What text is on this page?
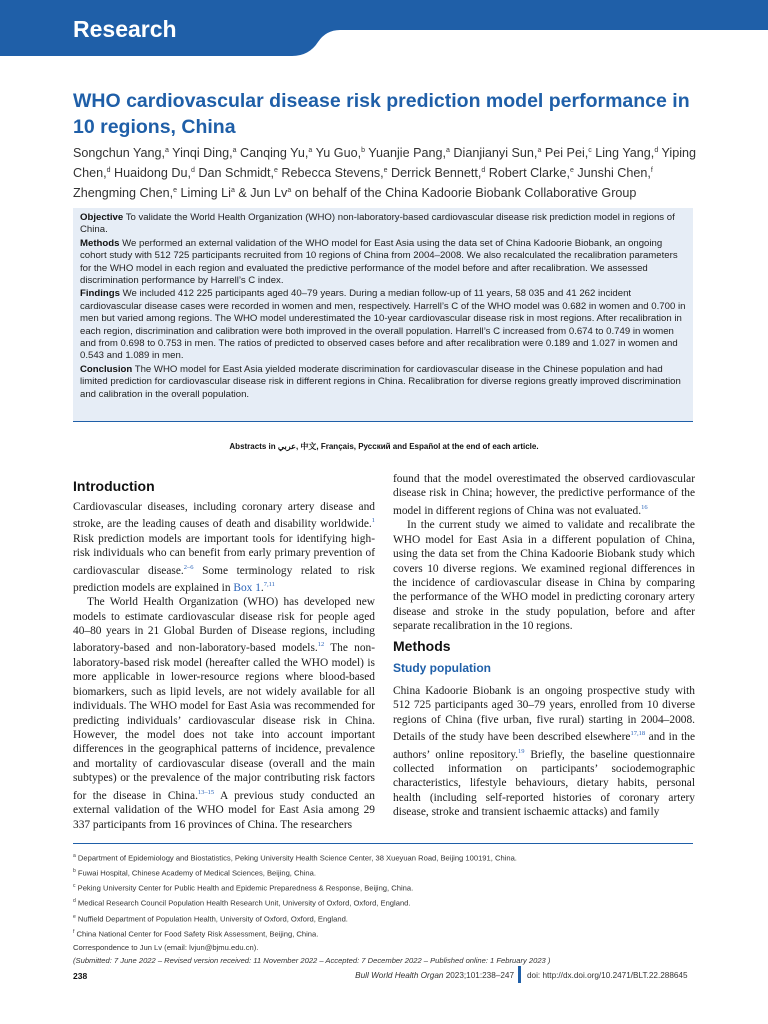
Research
WHO cardiovascular disease risk prediction model performance in 10 regions, China
Songchun Yang,$^a$ Yinqi Ding,$^a$ Canqing Yu,$^a$ Yu Guo,$^b$ Yuanjie Pang,$^a$ Dianjianyi Sun,$^a$ Pei Pei,$^c$ Ling Yang,$^d$ Yiping Chen,$^d$ Huaidong Du,$^d$ Dan Schmidt,$^e$ Rebecca Stevens,$^e$ Derrick Bennett,$^d$ Robert Clarke,$^e$ Junshi Chen,$^f$ Zhengming Chen,$^e$ Liming Li$^a$ & Jun Lv$^a$ on behalf of the China Kadoorie Biobank Collaborative Group

Objective To validate the World Health Organization (WHO) non-laboratory-based cardiovascular disease risk prediction model in regions of China.

Methods We performed an external validation of the WHO model for East Asia using the data set of China Kadoorie Biobank, an ongoing cohort study with 512 725 participants recruited from 10 regions of China from 2004–2008. We also recalculated the recalibration parameters for the WHO model in each region and evaluated the predictive performance of the model before and after recalibration. We assessed discrimination performance by Harrell’s C index.

Findings We included 412 225 participants aged 40–79 years. During a median follow-up of 11 years, 58 035 and 41 262 incident cardiovascular disease cases were recorded in women and men, respectively. Harrell’s C of the WHO model was 0.682 in women and 0.700 in men but varied among regions. The WHO model underestimated the 10-year cardiovascular disease risk in most regions. After recalibration in each region, discrimination and calibration were both improved in the overall population. Harrell’s C increased from 0.674 to 0.749 in women and from 0.698 to 0.753 in men. The ratios of predicted to observed cases before and after recalibration were 0.189 and 1.027 in women and 0.543 and 1.089 in men.

Conclusion The WHO model for East Asia yielded moderate discrimination for cardiovascular disease in the Chinese population and had limited prediction for cardiovascular disease risk in different regions in China. Recalibration for diverse regions greatly improved discrimination and calibration in the overall population.

Abstracts in عربي, 中文, Français, Русский and Español at the end of each article.
Introduction

Cardiovascular diseases, including coronary artery disease and stroke, are the leading causes of death and disability worldwide.$^1$ Risk prediction models are important tools for identifying high-risk individuals who can benefit from early primary prevention of cardiovascular disease.$^{2-6}$ Some terminology related to risk prediction models are explained in Box 1.$^{7,11}$

The World Health Organization (WHO) has developed new models to estimate cardiovascular disease risk for people aged 40–80 years in 21 Global Burden of Disease regions, including laboratory-based and non-laboratory-based models.$^{12}$ The non-laboratory-based risk model (hereafter called the WHO model) is more applicable in lower-resource regions where blood-based biomarkers, such as lipid levels, are not widely available for all individuals. The WHO model for East Asia was recommended for predicting individuals’ cardiovascular disease risk in China. However, the model does not take into account important differences in the geographical patterns of incidence, prevalence and mortality of cardiovascular disease (overall and the main subtypes) or the prevalence of the major contributing risk factors for the disease in China.$^{13-15}$ A previous study conducted an external validation of the WHO model for East Asia among 29 337 participants from 16 provinces of China. The researchers

found that the model overestimated the observed cardiovascular disease risk in China; however, the predictive performance of the model in different regions of China was not evaluated.$^{16}$

In the current study we aimed to validate and recalibrate the WHO model for East Asia in a different population of China, using the data set from the China Kadoorie Biobank study which covers 10 diverse regions. We examined regional differences in the incidence of cardiovascular disease in China by comparing the performance of the WHO model in predicting coronary artery disease and stroke in the study population, before and after separate recalibration in the 10 regions.

Methods
Study population

China Kadoorie Biobank is an ongoing prospective study with 512 725 participants aged 30–79 years, enrolled from 10 diverse regions of China (five urban, five rural) starting in 2004–2008. Details of the study have been described elsewhere$^{17,18}$ and in the authors’ online repository.$^{19}$ Briefly, the baseline questionnaire collected information on participants’ sociodemographic characteristics, lifestyle behaviours, dietary habits, personal health (including self-reported histories of coronary artery disease, stroke and transient ischaemic attacks) and family

$^a$ Department of Epidemiology and Biostatistics, Peking University Health Science Center, 38 Xueyuan Road, Beijing 100191, China.
$^b$ Fuwai Hospital, Chinese Academy of Medical Sciences, Beijing, China.
$^c$ Peking University Center for Public Health and Epidemic Preparedness & Response, Beijing, China.
$^d$ Medical Research Council Population Health Research Unit, University of Oxford, Oxford, England.
$^e$ Nuffield Department of Population Health, University of Oxford, Oxford, England.
$^f$ China National Center for Food Safety Risk Assessment, Beijing, China.
Correspondence to Jun Lv (email: lvjun@bjmu.edu.cn).
(Submitted: 7 June 2022 – Revised version received: 11 November 2022 – Accepted: 7 December 2022 – Published online: 1 February 2023 )
238	Bull World Health Organ 2023;101:238–247 doi: http://dx.doi.org/10.2471/BLT.22.288645
